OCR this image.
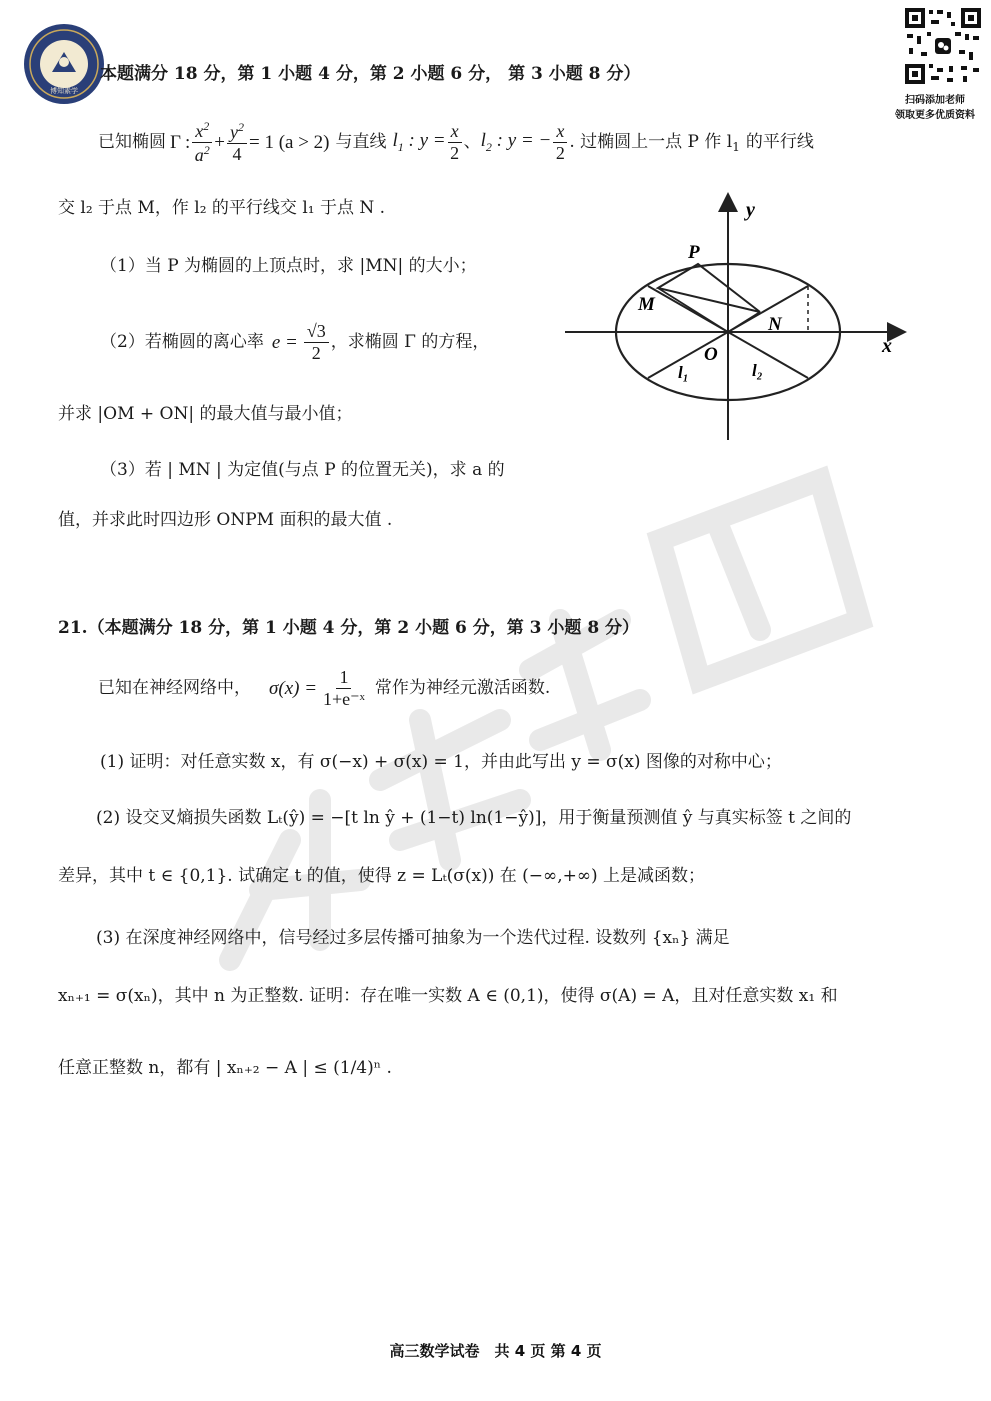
博知素学
扫码添加老师
领取更多优质资料
本题满分 18 分，第 1 小题 4 分，第 2 小题 6 分， 第 3 小题 8 分）
已知椭圆 Γ : $\frac{x^2}{a^2} + \frac{y^2}{4} = 1$ (a > 2) 与直线 $l_1$ : $y = \frac{x}{2}$ 、 $l_2$ : y = − $\frac{x}{2}$ . 过椭圆上一点 P 作 l 1 的平行线
交 l₂ 于点 M，作 l₂ 的平行线交 l₁ 于点 N .
（1）当 P 为椭圆的上顶点时，求 |MN| 的大小；
（2）若椭圆的离心率 $e = \frac{√3}{2}$ ，求椭圆 Γ 的方程，
并求 |OM + ON| 的最大值与最小值；
（3）若 | MN | 为定值(与点 P 的位置无关)，求 a 的
值，并求此时四边形 ONPM 面积的最大值 .
y
x
O
P
M
N
l₁	l₂
21.（本题满分 18 分，第 1 小题 4 分，第 2 小题 6 分，第 3 小题 8 分）
已知在神经网络中， $\sigma(x) = \frac{1}{\text{1+e⁻ˣ}}$ 常作为神经元激活函数.
(1) 证明：对任意实数 x，有 σ(−x) + σ(x) = 1，并由此写出 y = σ(x) 图像的对称中心；
(2) 设交叉熵损失函数 Lₜ(ŷ) = −[t ln ŷ + (1−t) ln(1−ŷ)]，用于衡量预测值 ŷ 与真实标签 t 之间的
差异，其中 t ∈ {0,1}. 试确定 t 的值，使得 z = Lₜ(σ(x)) 在 (−∞,+∞) 上是减函数；
(3) 在深度神经网络中，信号经过多层传播可抽象为一个迭代过程. 设数列 {xₙ} 满足
xₙ₊₁ = σ(xₙ)，其中 n 为正整数. 证明：存在唯一实数 A ∈ (0,1)，使得 σ(A) = A，且对任意实数 x₁ 和
任意正整数 n，都有 | xₙ₊₂ − A | ≤ (1/4)ⁿ .
高三数学试卷　共 4 页 第 4 页
